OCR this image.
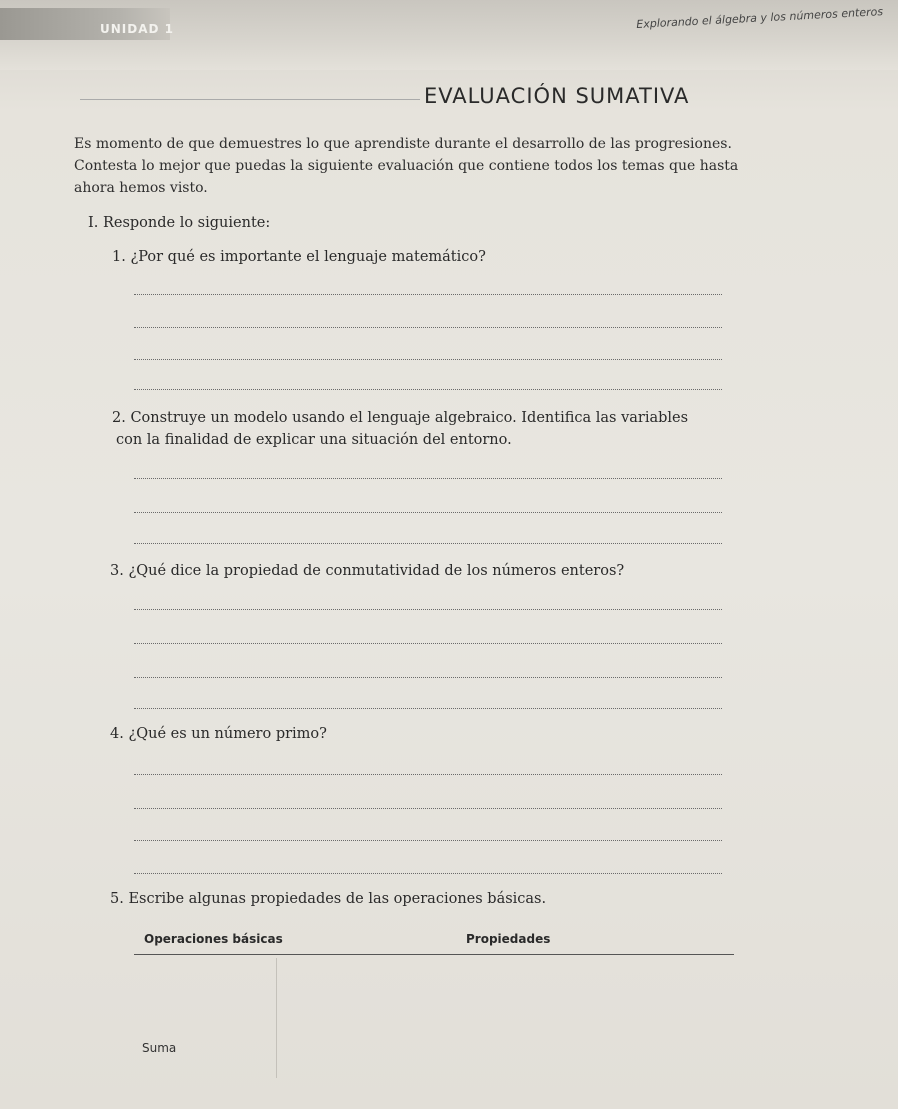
UNIDAD 1	Explorando el álgebra y los números enteros
EVALUACIÓN SUMATIVA
Es momento de que demuestres lo que aprendiste durante el desarrollo de las progresiones. Contesta lo mejor que puedas la siguiente evaluación que contiene todos los temas que hasta ahora hemos visto.
I. Responde lo siguiente:
1. ¿Por qué es importante el lenguaje matemático?
2. Construye un modelo usando el lenguaje algebraico. Identifica las variables con la finalidad de explicar una situación del entorno.
3. ¿Qué dice la propiedad de conmutatividad de los números enteros?
4. ¿Qué es un número primo?
5. Escribe algunas propiedades de las operaciones básicas.
Operaciones básicas	Propiedades
Suma
